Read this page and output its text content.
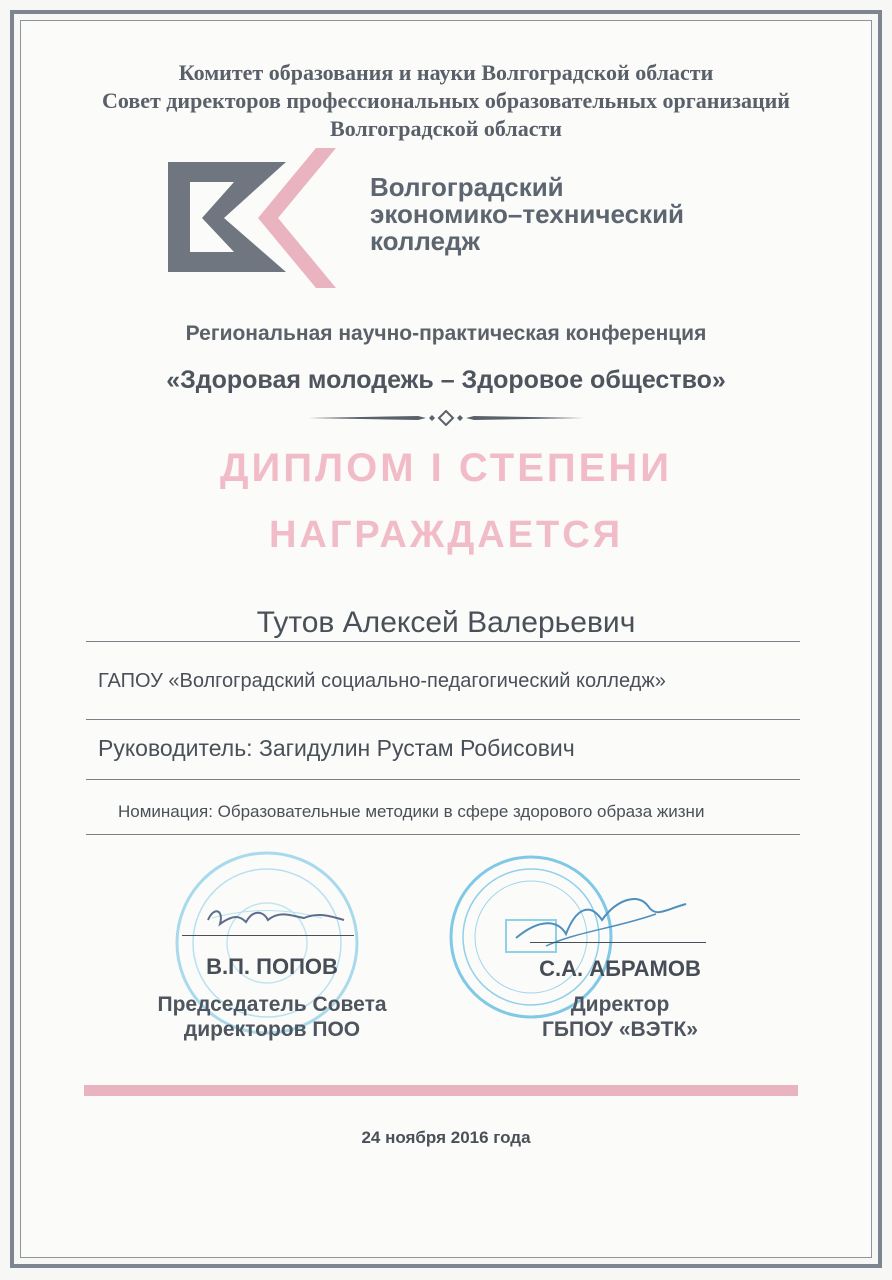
Комитет образования и науки Волгоградской области
Совет директоров профессиональных образовательных организаций
Волгоградской области
Волгоградский
экономико–технический
колледж
Региональная научно-практическая конференция
«Здоровая молодежь – Здоровое общество»
ДИПЛОМ I СТЕПЕНИ
НАГРАЖДАЕТСЯ
Тутов Алексей Валерьевич
ГАПОУ «Волгоградский социально-педагогический колледж»
Руководитель: Загидулин Рустам Робисович
Номинация: Образовательные методики в сфере здорового образа жизни
В.П. ПОПОВ
Председатель Совета
директоров ПОО
С.А. АБРАМОВ
Директор
ГБПОУ «ВЭТК»
24 ноября 2016 года
